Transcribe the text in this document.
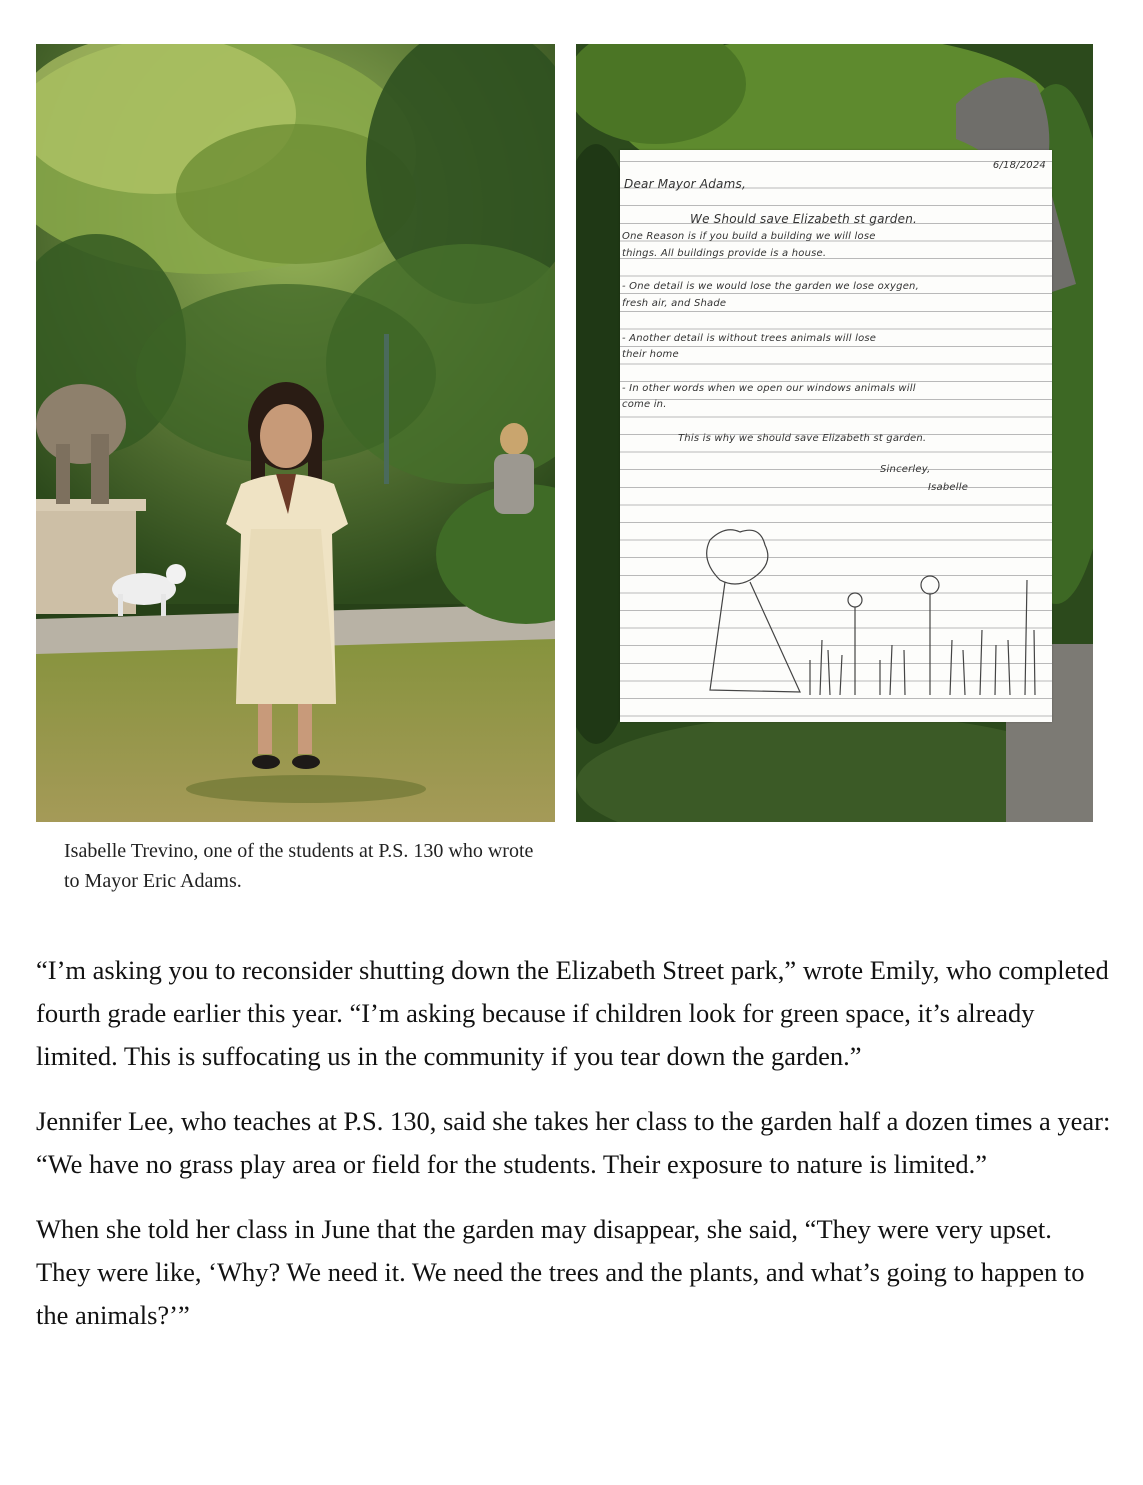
6/18/2024
Dear Mayor Adams,
We Should save Elizabeth st garden.
One Reason is if you build a building we will lose
things. All buildings provide is a house.
- One detail is we would lose the garden we lose oxygen,
fresh air, and Shade
- Another detail is without trees animals will lose
their home
- In other words when we open our windows animals will
come in.
This is why we should save Elizabeth st garden.
Sincerley,
Isabelle
Isabelle Trevino, one of the students at P.S. 130 who wrote to Mayor Eric Adams.

“I’m asking you to reconsider shutting down the Elizabeth Street park,” wrote Emily, who completed fourth grade earlier this year. “I’m asking because if children look for green space, it’s already limited. This is suffocating us in the community if you tear down the garden.”

Jennifer Lee, who teaches at P.S. 130, said she takes her class to the garden half a dozen times a year: “We have no grass play area or field for the students. Their exposure to nature is limited.”

When she told her class in June that the garden may disappear, she said, “They were very upset. They were like, ‘Why? We need it. We need the trees and the plants, and what’s going to happen to the animals?’”
